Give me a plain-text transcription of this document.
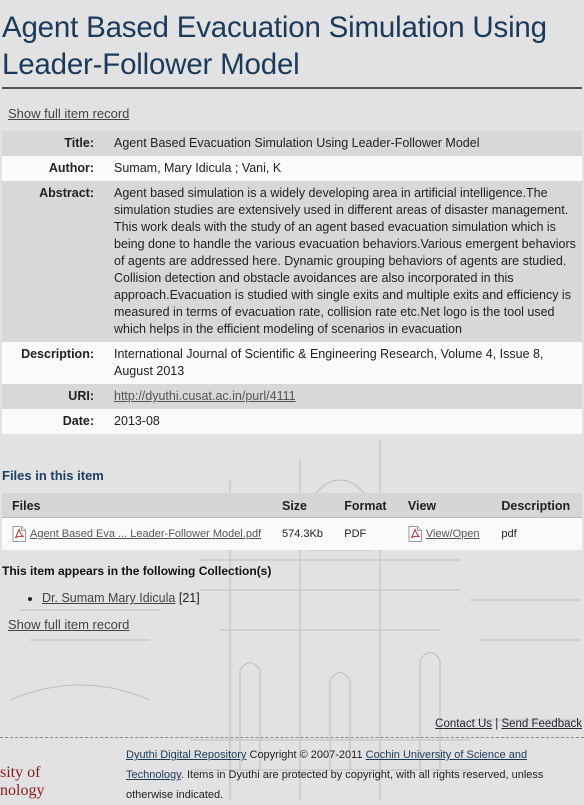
Agent Based Evacuation Simulation Using Leader-Follower Model
Show full item record
Title:	Agent Based Evacuation Simulation Using Leader-Follower Model
Author:	Sumam, Mary Idicula ; Vani, K
Abstract:	Agent based simulation is a widely developing area in artificial intelligence.The simulation studies are extensively used in different areas of disaster management. This work deals with the study of an agent based evacuation simulation which is being done to handle the various evacuation behaviors.Various emergent behaviors of agents are addressed here. Dynamic grouping behaviors of agents are studied. Collision detection and obstacle avoidances are also incorporated in this approach.Evacuation is studied with single exits and multiple exits and efficiency is measured in terms of evacuation rate, collision rate etc.Net logo is the tool used which helps in the efficient modeling of scenarios in evacuation
Description:	International Journal of Scientific & Engineering Research, Volume 4, Issue 8, August 2013
URI:	http://dyuthi.cusat.ac.in/purl/4111
Date:	2013-08
Files in this item
Files	Size	Format	View	Description
Agent Based Eva ... Leader-Follower Model.pdf	574.3Kb	PDF	View/Open	pdf
This item appears in the following Collection(s)
• Dr. Sumam Mary Idicula [21]
Show full item record
Contact Us | Send Feedback
Dyuthi Digital Repository Copyright © 2007-2011 Cochin University of Science and Technology. Items in Dyuthi are protected by copyright, with all rights reserved, unless otherwise indicated.
sity of
nology
